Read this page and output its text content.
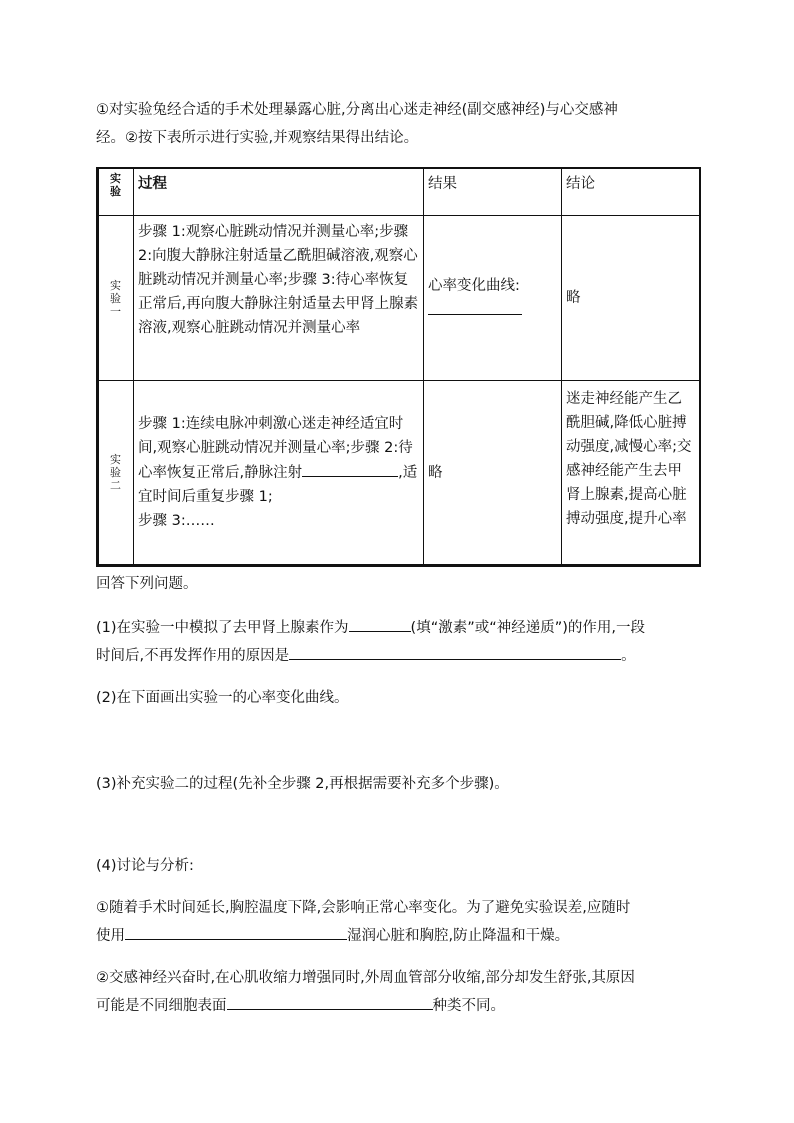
①对实验兔经合适的手术处理暴露心脏,分离出心迷走神经(副交感神经)与心交感神
经。②按下表所示进行实验,并观察结果得出结论。
实验	过程	结果	结论

实验一	步骤 1:观察心脏跳动情况并测量心率;步骤 2:向腹大静脉注射适量乙酰胆碱溶液,观察心脏跳动情况并测量心率;步骤 3:待心率恢复正常后,再向腹大静脉注射适量去甲肾上腺素溶液,观察心脏跳动情况并测量心率	心率变化曲线:	略

实验二	步骤 1:连续电脉冲刺激心迷走神经适宜时间,观察心脏跳动情况并测量心率;步骤 2:待心率恢复正常后,静脉注射 ,适宜时间后重复步骤 1;
步骤 3:……	略	迷走神经能产生乙酰胆碱,降低心脏搏动强度,减慢心率;交感神经能产生去甲肾上腺素,提高心脏搏动强度,提升心率
回答下列问题。
(1)在实验一中模拟了去甲肾上腺素作为	(填“激素”或“神经递质”)的作用,一段
时间后,不再发挥作用的原因是	。
(2)在下面画出实验一的心率变化曲线。
(3)补充实验二的过程(先补全步骤 2,再根据需要补充多个步骤)。
(4)讨论与分析:
①随着手术时间延长,胸腔温度下降,会影响正常心率变化。为了避免实验误差,应随时
使用	湿润心脏和胸腔,防止降温和干燥。
②交感神经兴奋时,在心肌收缩力增强同时,外周血管部分收缩,部分却发生舒张,其原因
可能是不同细胞表面	种类不同。
